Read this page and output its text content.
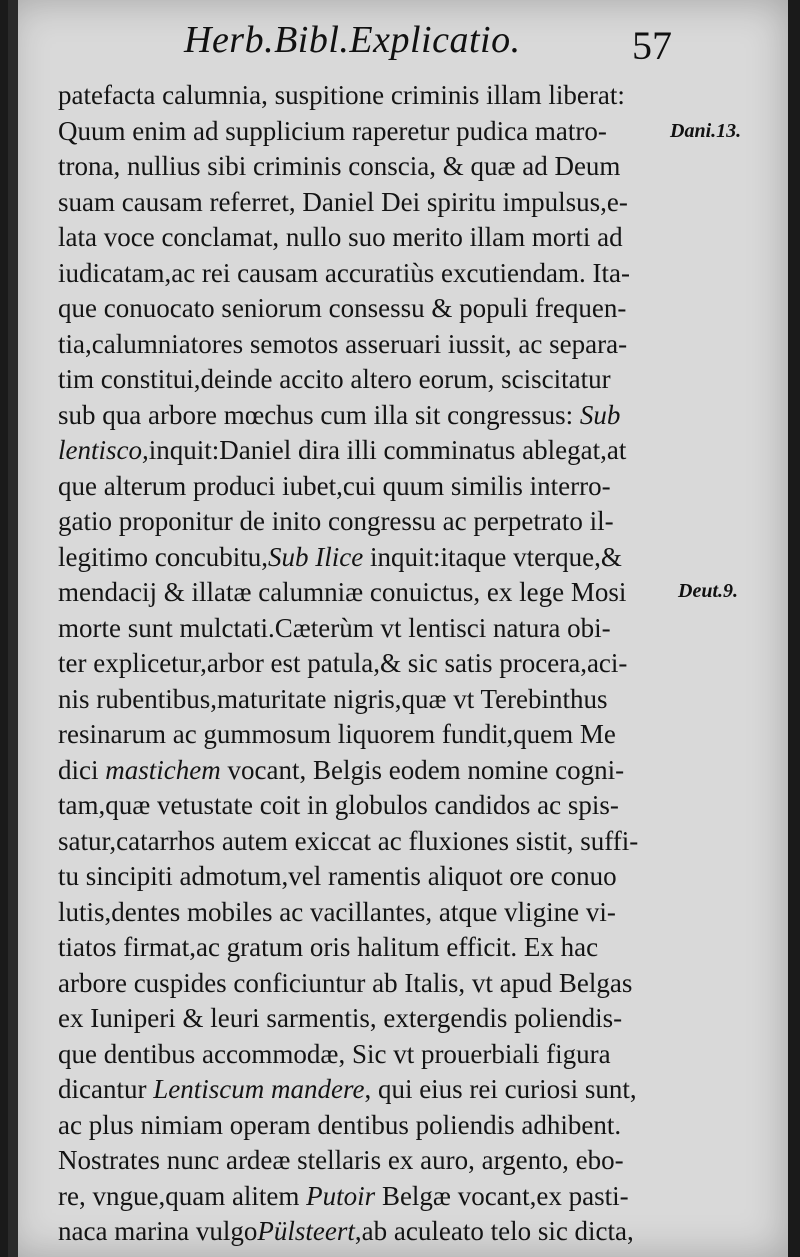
Herb.Bibl.Explicatio.	57
Dani.13.
Deut.9.
patefacta calumnia, suspitione criminis illam liberat:
Quum enim ad supplicium raperetur pudica matro-
trona, nullius sibi criminis conscia, & quæ ad Deum
suam causam referret, Daniel Dei spiritu impulsus,e-
lata voce conclamat, nullo suo merito illam morti ad
iudicatam,ac rei causam accuratiùs excutiendam. Ita-
que conuocato seniorum consessu & populi frequen-
tia,calumniatores semotos asseruari iussit, ac separa-
tim constitui,deinde accito altero eorum, sciscitatur
sub qua arbore mœchus cum illa sit congressus: Sub
lentisco,inquit:Daniel dira illi comminatus ablegat,at
que alterum produci iubet,cui quum similis interro-
gatio proponitur de inito congressu ac perpetrato il-
legitimo concubitu,Sub Ilice inquit:itaque vterque,&
mendacij & illatæ calumniæ conuictus, ex lege Mosi
morte sunt mulctati.Cæterùm vt lentisci natura obi-
ter explicetur,arbor est patula,& sic satis procera,aci-
nis rubentibus,maturitate nigris,quæ vt Terebinthus
resinarum ac gummosum liquorem fundit,quem Me
dici mastichem vocant, Belgis eodem nomine cogni-
tam,quæ vetustate coit in globulos candidos ac spis-
satur,catarrhos autem exiccat ac fluxiones sistit, suffi-
tu sincipiti admotum,vel ramentis aliquot ore conuo
lutis,dentes mobiles ac vacillantes, atque vligine vi-
tiatos firmat,ac gratum oris halitum efficit. Ex hac
arbore cuspides conficiuntur ab Italis, vt apud Belgas
ex Iuniperi & leuri sarmentis, extergendis poliendis-
que dentibus accommodæ, Sic vt prouerbiali figura
dicantur Lentiscum mandere, qui eius rei curiosi sunt,
ac plus nimiam operam dentibus poliendis adhibent.
Nostrates nunc ardeæ stellaris ex auro, argento, ebo-
re, vngue,quam alitem Putoir Belgæ vocant,ex pasti-
naca marina vulgoPülsteert,ab aculeato telo sic dicta,
